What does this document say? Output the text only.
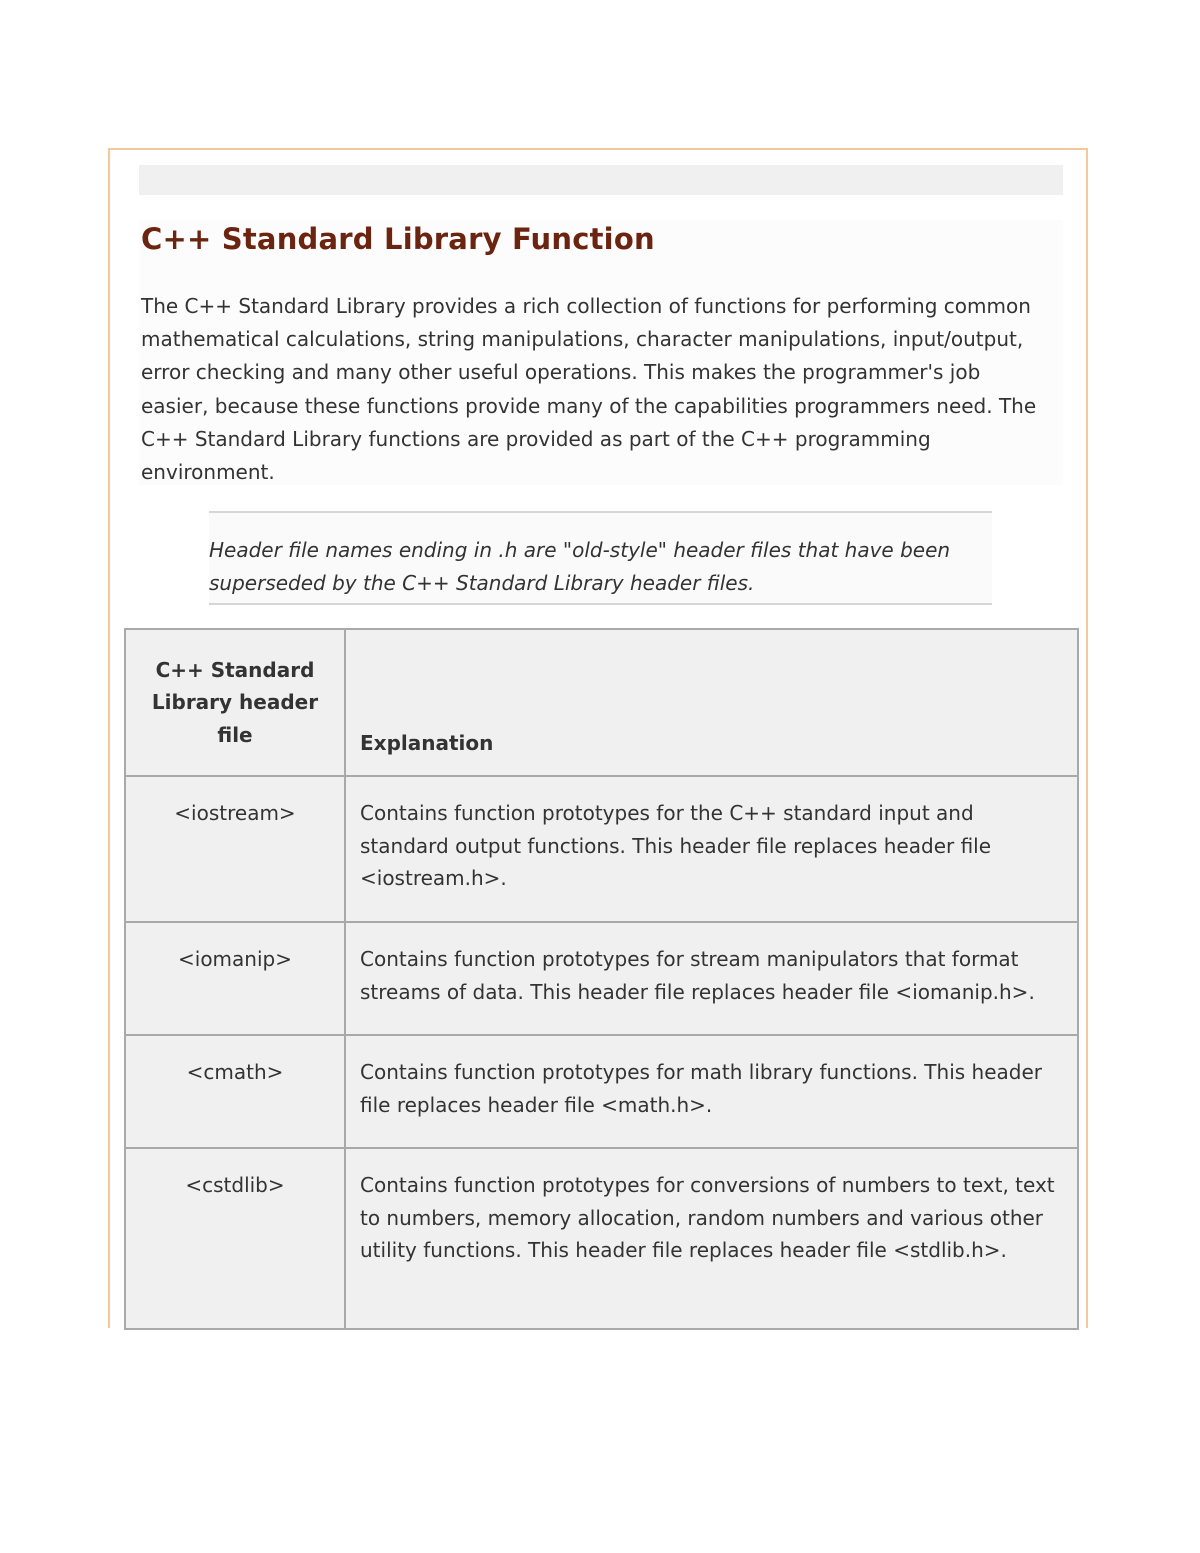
C++ Standard Library Function

The C++ Standard Library provides a rich collection of functions for performing common mathematical calculations, string manipulations, character manipulations, input/output, error checking and many other useful operations. This makes the programmer's job easier, because these functions provide many of the capabilities programmers need. The C++ Standard Library functions are provided as part of the C++ programming environment.

Header file names ending in .h are "old-style" header files that have been superseded by the C++ Standard Library header files.

C++ Standard Library header file	Explanation
<iostream>	Contains function prototypes for the C++ standard input and standard output functions. This header file replaces header file <iostream.h>.
<iomanip>	Contains function prototypes for stream manipulators that format streams of data. This header file replaces header file <iomanip.h>.
<cmath>	Contains function prototypes for math library functions. This header file replaces header file <math.h>.
<cstdlib>	Contains function prototypes for conversions of numbers to text, text to numbers, memory allocation, random numbers and various other utility functions. This header file replaces header file <stdlib.h>.
